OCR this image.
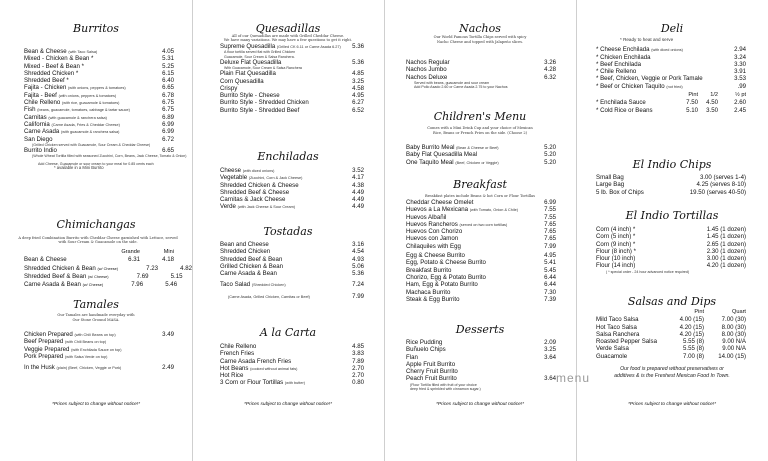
Burritos
Bean & Cheese (with Taco Salsa)	4.05
Mixed - Chicken & Bean *	5.31
Mixed - Beef & Bean *	5.25
Shredded Chicken *	6.15
Shredded Beef *	6.40
Fajita - Chicken (with onions, peppers & tomatoes)	6.65
Fajita - Beef (with onions, peppers & tomatoes)	6.78
Chile Relleno (with rice, guacamole & tomatoes)	6.75
Fish (beans, guacamole, tomatoes, cabbage & tartar sauce)	6.75
Carnitas (with guacamole & ranchera salsa)	6.89
California (Carne Asada, Fries & Cheddar Cheese)	6.99
Carne Asada (with guacamole & ranchera salsa)	6.99
San Diego	6.72
(Grilled Chicken served with Guacamole, Sour Cream & Cheddar Cheese)
Burrito Indio	6.65
(Whole Wheat Tortilla filled with seasoned Zucchini, Corn, Beans, Jack Cheese, Tomato & Onion)
Add Cheese, Guacamole or sour cream to your meal for 0.85 cents each
* available in a Mini Burrito
Chimichangas
A deep fried Combination Burrito with Cheddar Cheese garnished with Lettuce, served with Sour Cream & Guacamole on the side.
Grande	Mini
Bean & Cheese	6.31	4.18
Shredded Chicken & Bean (w/ Cheese)	7.23	4.82
Shredded Beef & Bean (w/ Cheese)	7.69	5.15
Carne Asada & Bean (w/ Cheese)	7.96	5.46
Tamales
Our Tamales are handmade everyday with
Our Stone Ground MASA.
Chicken Prepared (with Chili Beans on top)	3.49
Beef Prepared (with Chili Beans on top)
Veggie Prepared (with Enchilada Sauce on top)
Pork Prepared (with Salsa Verde on top)
In the Husk (plain) (Beef, Chicken, Veggie or Pork)	2.49
*Prices subject to change without notice!*
Quesadillas
All of our Quesadillas are made with Grilled Cheddar Cheese.
We have many variations. We may have a few questions to get it right.
Supreme Quesadilla (Grilled CK 6.11 or Carne Asada 6.27)	5.36
A flour tortilla served flat with Grilled Chicken
Guacamole, Sour Cream & Salsa Ranchera.
Deluxe Flat Quesadilla	5.36
With Guacamole, Sour Cream & Salsa Ranchera
Plain Flat Quesadilla	4.85
Corn Quesadilla	3.25
Crispy	4.58
Burrito Style - Cheese	4.95
Burrito Style - Shredded Chicken	6.27
Burrito Style - Shredded Beef	6.52
Enchiladas
Cheese (with diced onions)	3.52
Vegetable (Zucchini, Corn & Jack Cheese)	4.17
Shredded Chicken & Cheese	4.38
Shredded Beef & Cheese	4.49
Carnitas & Jack Cheese	4.49
Verde (with Jack Cheese & Sour Cream)	4.49
Tostadas
Bean and Cheese	3.16
Shredded Chicken	4.54
Shredded Beef & Bean	4.93
Grilled Chicken & Bean	5.06
Carne Asada & Bean	5.36
Taco Salad (Shredded Chicken)	7.24
(Carne Asada, Grilled Chicken, Carnitas or Beef)	7.99
A la Carta
Chile Relleno	4.85
French Fries	3.83
Carne Asada French Fries	7.89
Hot Beans (cooked without animal fats)	2.70
Hot Rice	2.70
3 Corn or Flour Tortillas (with butter)	0.80
*Prices subject to change without notice!*
Nachos
Our World Famous Tortilla Chips served with spicy
Nacho Cheese and topped with Jalapeño slices.
Nachos Regular	3.26
Nachos Jumbo	4.28
Nachos Deluxe	6.32
Served with beans, guacamole and sour cream
Add Pollo Asado 2.60 or Carne Asada 2.75 to your Nachos
Children's Menu
Comes with a Mini Drink Cup and your choice of Mexican
Rice, Beans or French Fries on the side. (Choose 2)
Baby Burrito Meal (Bean & Cheese or Beef)	5.20
Baby Flat Quesadilla Meal	5.20
One Taquito Meal (Beef, Chicken or Veggie)	5.20
Breakfast
Breakfast plates include Beans & hot Corn or Flour Tortillas
Cheddar Cheese Omelet	6.99
Huevos a La Mexicana (with Tomato, Onion & Chile)	7.55
Huevos Albañil	7.55
Huevos Rancheros (served on two corn tortillas)	7.65
Huevos Con Chorizo	7.65
Huevos con Jamon	7.65
Chilaquiles with Egg	7.99
Egg & Cheese Burrito	4.95
Egg, Potato & Cheese Burrito	5.41
Breakfast Burrito	5.45
Chorizo, Egg & Potato Burrito	6.44
Ham, Egg & Potato Burrito	6.44
Machaca Burrito	7.30
Steak & Egg Burrito	7.39
Desserts
Rice Pudding	2.09
Buñuelo Chips	3.25
Flan	3.64
Apple Fruit Burrito
Cherry Fruit Burrito
Peach Fruit Burrito	3.64
(Flour Tortilla filled with fruit of your choice
deep fried & sprinkled with cinnamon sugar.)
*Prices subject to change without notice!*
Deli
* Ready to heat and serve
* Cheese Enchilada (with diced onions)	2.94
* Chicken Enchilada	3.24
* Beef Enchilada	3.30
* Chile Relleno	3.91
* Beef, Chicken, Veggie or Pork Tamale	3.53
* Beef or Chicken Taquito (not fried)	.99
Pint	1/2	½ pt
* Enchilada Sauce	7.50	4.50	2.60
* Cold Rice or Beans	5.10	3.50	2.45
El Indio Chips
Small Bag	3.00 (serves 1-4)
Large Bag	4.25 (serves 8-10)
5 lb. Box of Chips	19.50 (serves 40-50)
El Indio Tortillas
Corn (4 inch) *	1.45 (1 dozen)
Corn (5 inch) *	1.45 (1 dozen)
Corn (9 inch) *	2.65 (1 dozen)
Flour (8 inch) *	2.30 (1 dozen)
Flour (10 inch)	3.00 (1 dozen)
Flour (14 inch)	4.20 (1 dozen)
( * special order - 24 hour advanced notice required)
Salsas and Dips
Pint	Quart
Mild Taco Salsa	4.00 (15)	7.00 (30)
Hot Taco Salsa	4.20 (15)	8.00 (30)
Salsa Ranchera	4.20 (15)	8.00 (30)
Roasted Pepper Salsa	5.55 (8)	9.00 N/A
Verde Salsa	5.55 (8)	9.00 N/A
Guacamole	7.00 (8)	14.00 (15)
Our food is prepared without preservatives or
additives & is the Freshest Mexican Food In Town.
*Prices subject to change without notice!*
menu
